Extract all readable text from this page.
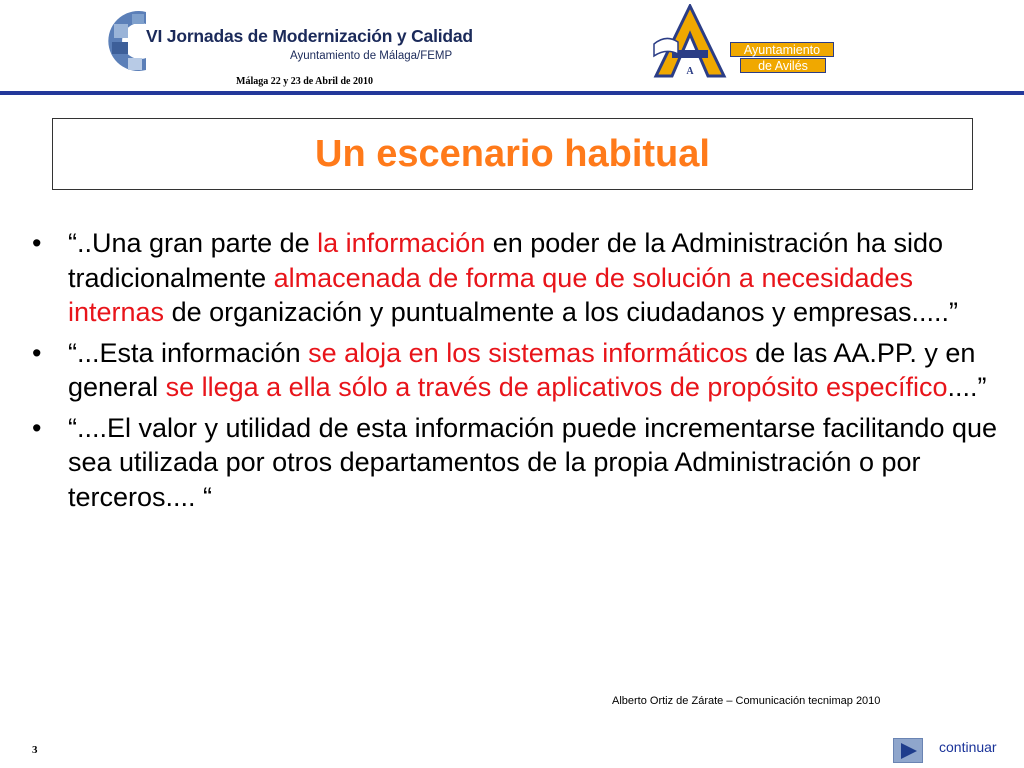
VI Jornadas de Modernización y Calidad
Ayuntamiento de Málaga/FEMP
Málaga 22 y 23 de Abril de 2010
A
Ayuntamiento
de Avilés
Un escenario habitual
• “..Una gran parte de la información en poder de la Administración ha sido tradicionalmente almacenada de forma que de solución a necesidades internas de organización y puntualmente a los ciudadanos y empresas.....”
• “...Esta información se aloja en los sistemas informáticos de las AA.PP. y en general se llega a ella sólo a través de aplicativos de propósito específico....”
• “....El valor y utilidad de esta información puede incrementarse facilitando que sea utilizada por otros departamentos de la propia Administración o por terceros.... “
Alberto Ortiz de Zárate – Comunicación tecnimap 2010
3	continuar
